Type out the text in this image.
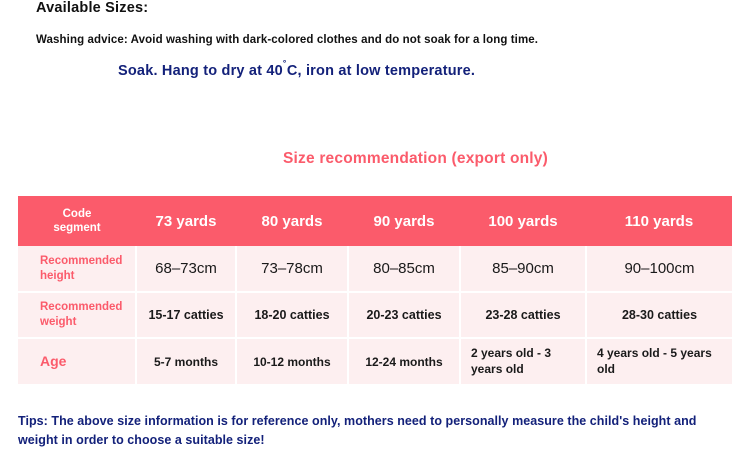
Available Sizes:
Washing advice: Avoid washing with dark-colored clothes and do not soak for a long time.
Soak. Hang to dry at 40˚C, iron at low temperature.
Size recommendation (export only)
Code
segment	73 yards	80 yards	90 yards	100 yards	110 yards

Recommended
height	68–73cm	73–78cm	80–85cm	85–90cm	90–100cm

Recommended
weight	15-17 catties	18-20 catties	20-23 catties	23-28 catties	28-30 catties
Age	5-7 months	10-12 months	12-24 months	2 years old - 3 years old	4 years old - 5 years old
Tips: The above size information is for reference only, mothers need to personally measure the child's height and weight in order to choose a suitable size!
